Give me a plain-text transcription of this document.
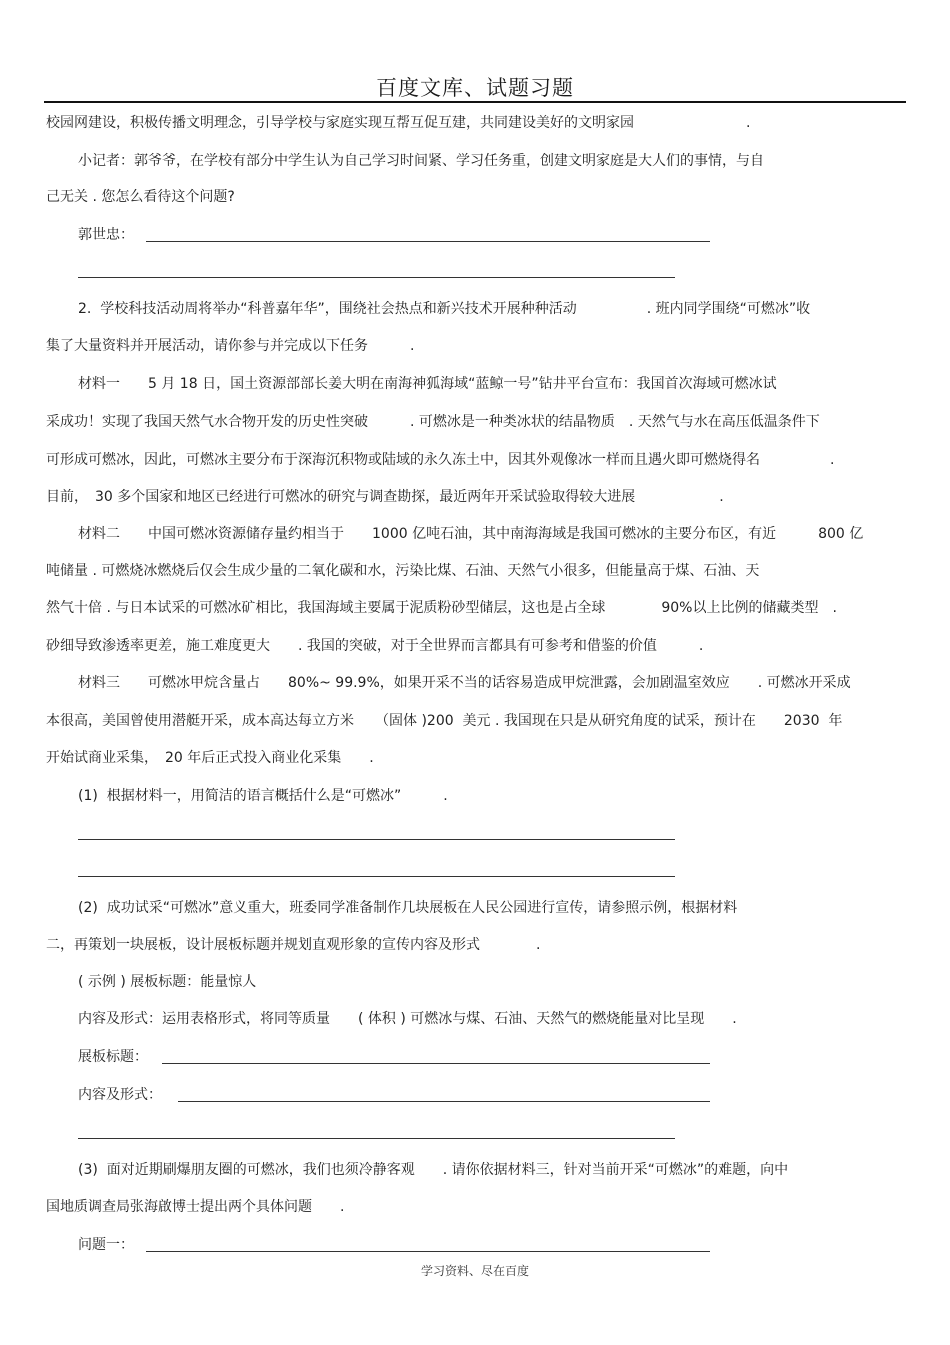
百度文库、试题习题
校园网建设，积极传播文明理念，引导学校与家庭实现互帮互促互建，共同建设美好的文明家园　　　　　　　　.
小记者：郭爷爷，在学校有部分中学生认为自己学习时间紧、学习任务重，创建文明家庭是大人们的事情，与自
己无关 . 您怎么看待这个问题?
郭世忠：
2.  学校科技活动周将举办“科普嘉年华”，围绕社会热点和新兴技术开展种种活动　　　　　. 班内同学围绕“可燃冰”收
集了大量资料并开展活动，请你参与并完成以下任务　　　.
材料一　　5 月 18 日，国土资源部部长姜大明在南海神狐海域“蓝鲸一号”钻井平台宣布：我国首次海域可燃冰试
采成功！实现了我国天然气水合物开发的历史性突破　　　. 可燃冰是一种类冰状的结晶物质　. 天然气与水在高压低温条件下
可形成可燃冰，因此，可燃冰主要分布于深海沉积物或陆域的永久冻土中，因其外观像冰一样而且遇火即可燃烧得名　　　　　.
目前，　30 多个国家和地区已经进行可燃冰的研究与调查勘探，最近两年开采试验取得较大进展　　　　　　.
材料二　　中国可燃冰资源储存量约相当于　　1000 亿吨石油，其中南海海域是我国可燃冰的主要分布区，有近　　　800 亿
吨储量 . 可燃烧冰燃烧后仅会生成少量的二氧化碳和水，污染比煤、石油、天然气小很多，但能量高于煤、石油、天
然气十倍 . 与日本试采的可燃冰矿相比，我国海域主要属于泥质粉砂型储层，这也是占全球　　　　90%以上比例的储藏类型　.
砂细导致渗透率更差，施工难度更大　　. 我国的突破，对于全世界而言都具有可参考和借鉴的价值　　　.
材料三　　可燃冰甲烷含量占　　80%~ 99.9%，如果开采不当的话容易造成甲烷泄露，会加剧温室效应　　. 可燃冰开采成
本很高，美国曾使用潜艇开采，成本高达每立方米　　（固体 )200  美元 . 我国现在只是从研究角度的试采，预计在　　2030  年
开始试商业采集，　20 年后正式投入商业化采集　　.
(1)  根据材料一，用简洁的语言概括什么是“可燃冰”　　　.
(2)  成功试采“可燃冰”意义重大，班委同学准备制作几块展板在人民公园进行宣传，请参照示例，根据材料
二，再策划一块展板，设计展板标题并规划直观形象的宣传内容及形式　　　　.
( 示例 ) 展板标题：能量惊人
内容及形式：运用表格形式，将同等质量　　( 体积 ) 可燃冰与煤、石油、天然气的燃烧能量对比呈现　　.
展板标题：
内容及形式：
(3)  面对近期刷爆朋友圈的可燃冰，我们也须冷静客观　　. 请你依据材料三，针对当前开采“可燃冰”的难题，向中
国地质调查局张海啟博士提出两个具体问题　　.
问题一：
学习资料、尽在百度
